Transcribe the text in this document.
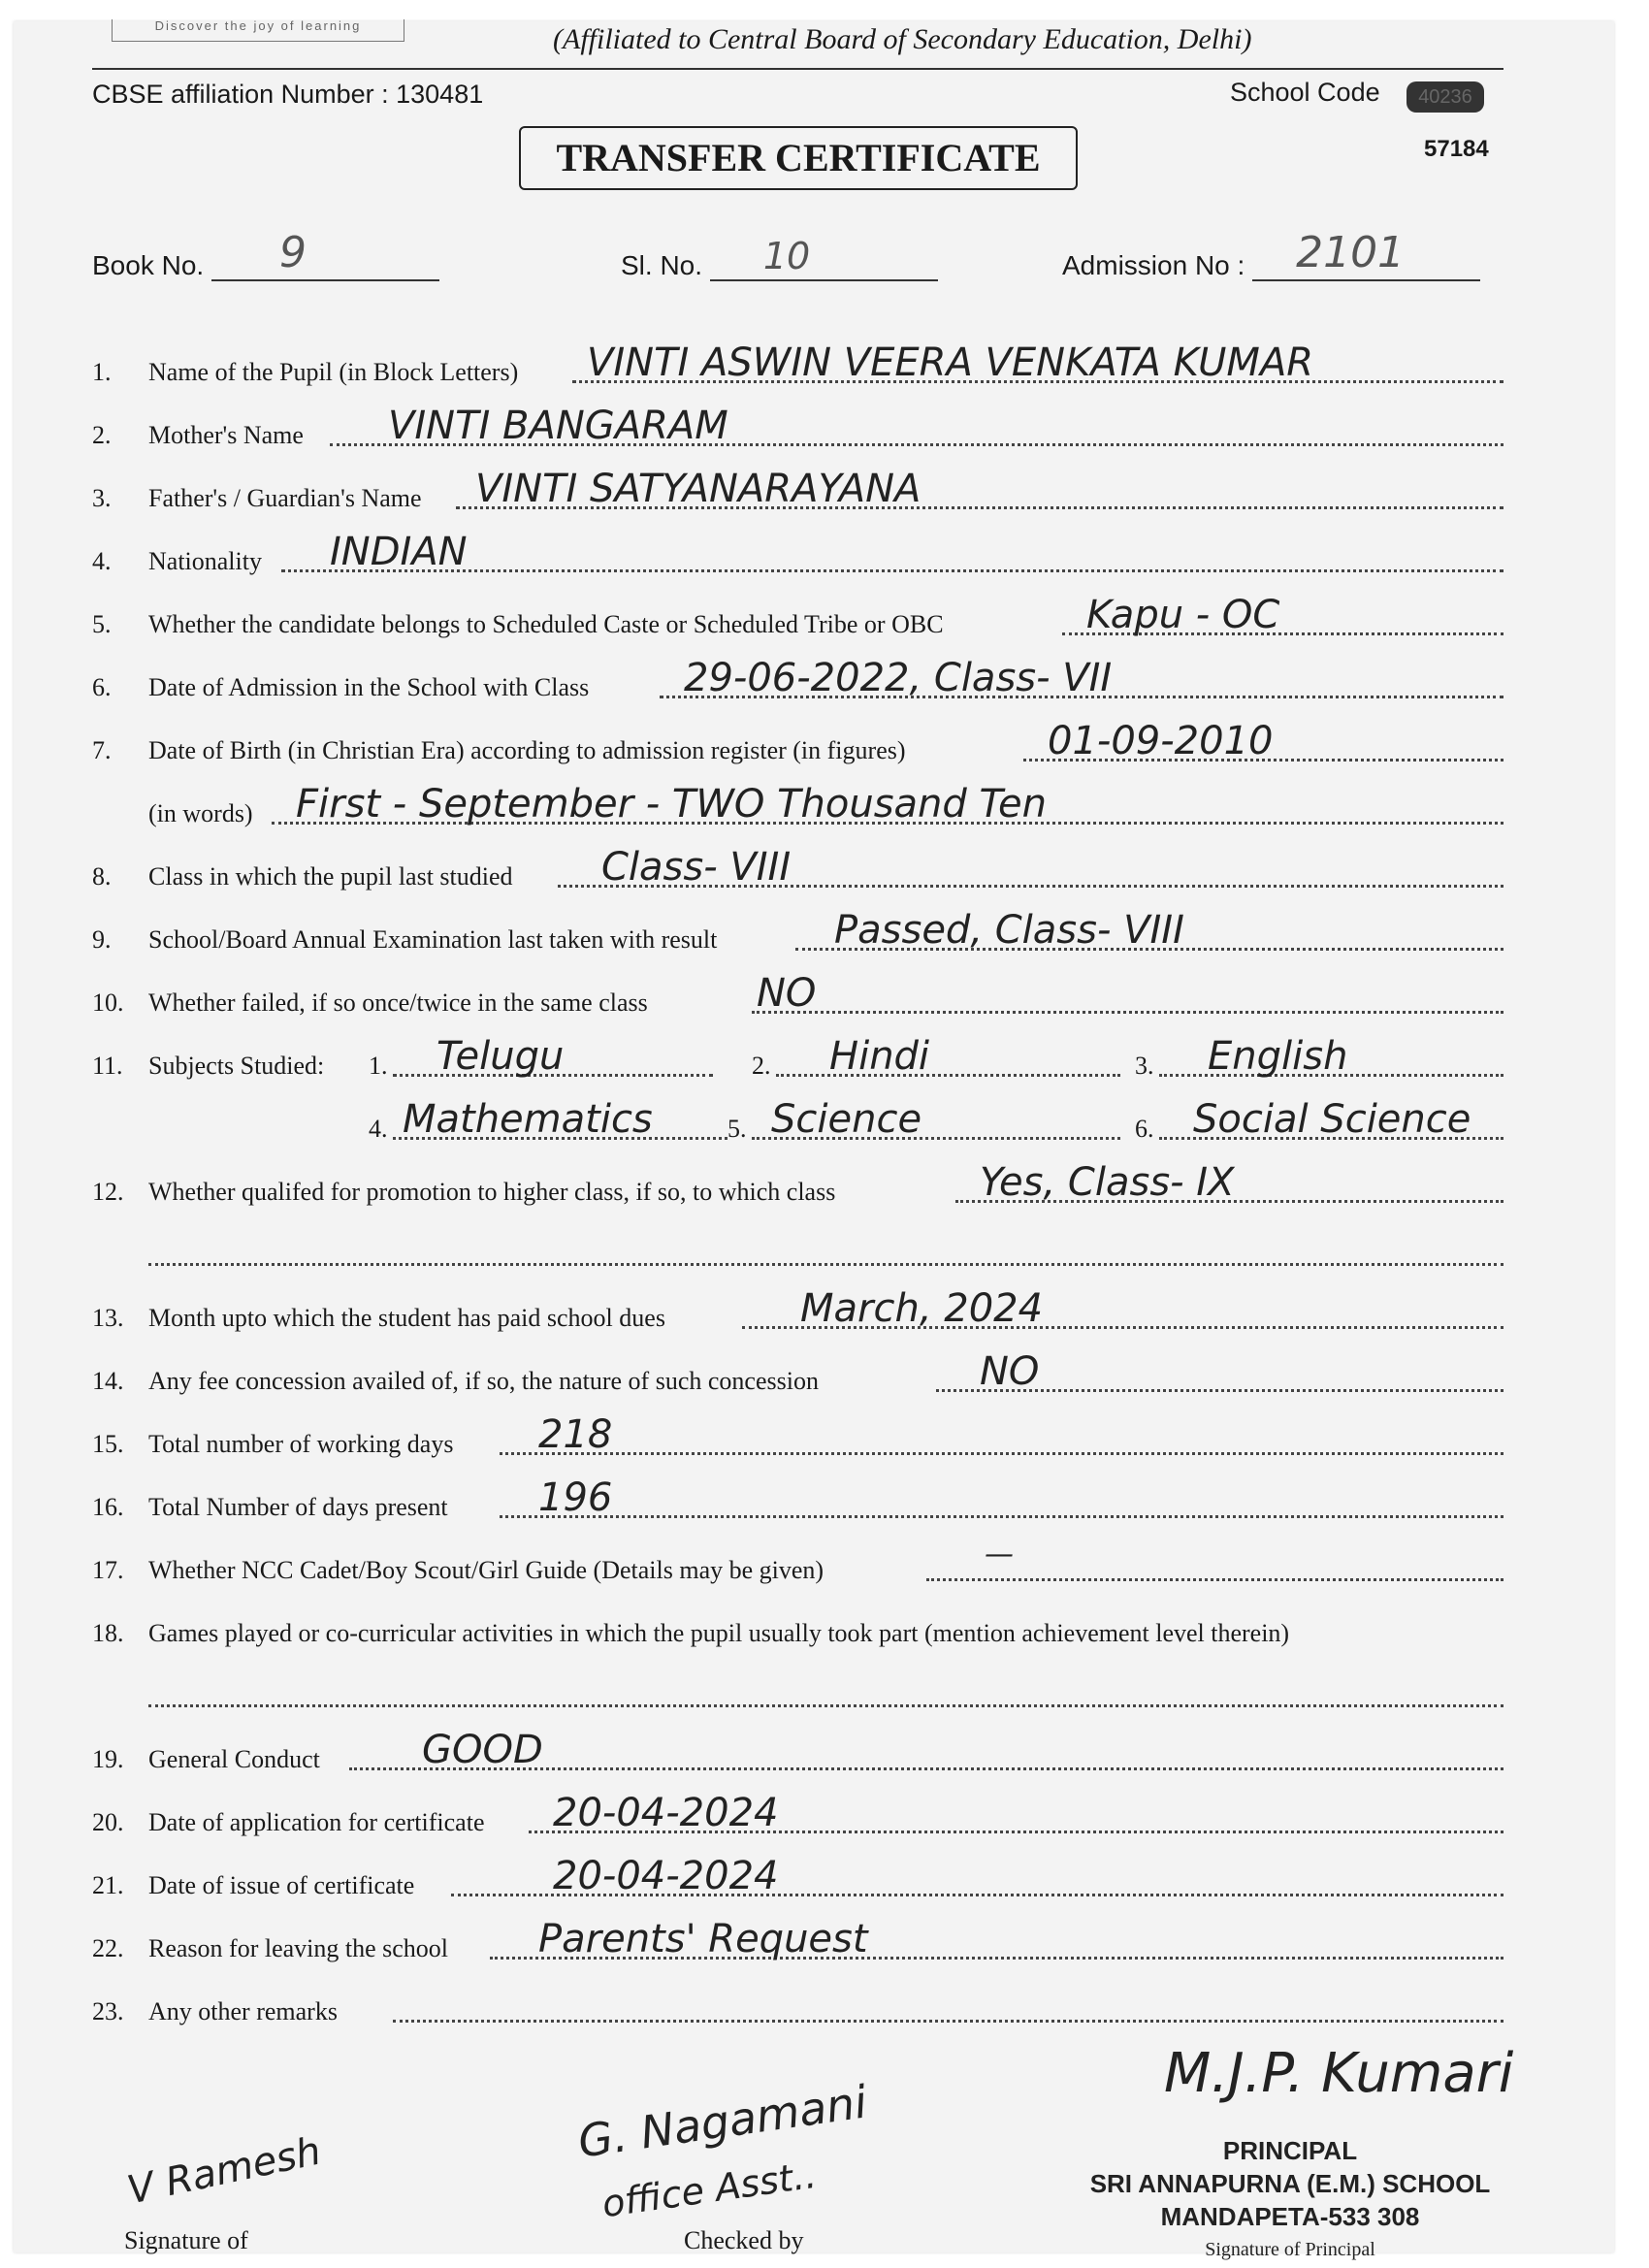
Discover the joy of learning	(Affiliated to Central Board of Secondary Education, Delhi)
CBSE affiliation Number : 130481	School Code	40236
57184
TRANSFER CERTIFICATE
Book No. 9	Sl. No. 10	Admission No : 2101
1.	Name of the Pupil (in Block Letters) VINTI ASWIN VEERA VENKATA KUMAR
2.	Mother's Name VINTI BANGARAM
3.	Father's / Guardian's Name VINTI SATYANARAYANA
4.	Nationality INDIAN
5.	Whether the candidate belongs to Scheduled Caste or Scheduled Tribe or OBC	Kapu - OC
6.	Date of Admission in the School with Class 29-06-2022, Class- VII
7.	Date of Birth (in Christian Era) according to admission register (in figures)	01-09-2010
(in words) First - September - TWO Thousand Ten
8.	Class in which the pupil last studied Class- VIII
9.	School/Board Annual Examination last taken with result	Passed, Class- VIII
10. Whether failed, if so once/twice in the same class	NO
11.	Subjects Studied: 1. Telugu	2. Hindi	3. English
4. Mathematics	5. Science	6. Social Science
12. Whether qualifed for promotion to higher class, if so, to which class	Yes, Class- IX
13. Month upto which the student has paid school dues	March, 2024
14. Any fee concession availed of, if so, the nature of such concession	NO
15. Total number of working days 218
16. Total Number of days present 196
17. Whether NCC Cadet/Boy Scout/Girl Guide (Details may be given)	—
18. Games played or co-curricular activities in which the pupil usually took part (mention achievement level therein)
19. General Conduct	GOOD
20. Date of application for certificate 20-04-2024
21. Date of issue of certificate	20-04-2024
22. Reason for leaving the school Parents' Request
23. Any other remarks
V Ramesh
Signature of
G. Nagamani
office Asst..
Checked by
M.J.P. Kumari
PRINCIPAL
SRI ANNAPURNA (E.M.) SCHOOL
MANDAPETA-533 308
Signature of Principal
